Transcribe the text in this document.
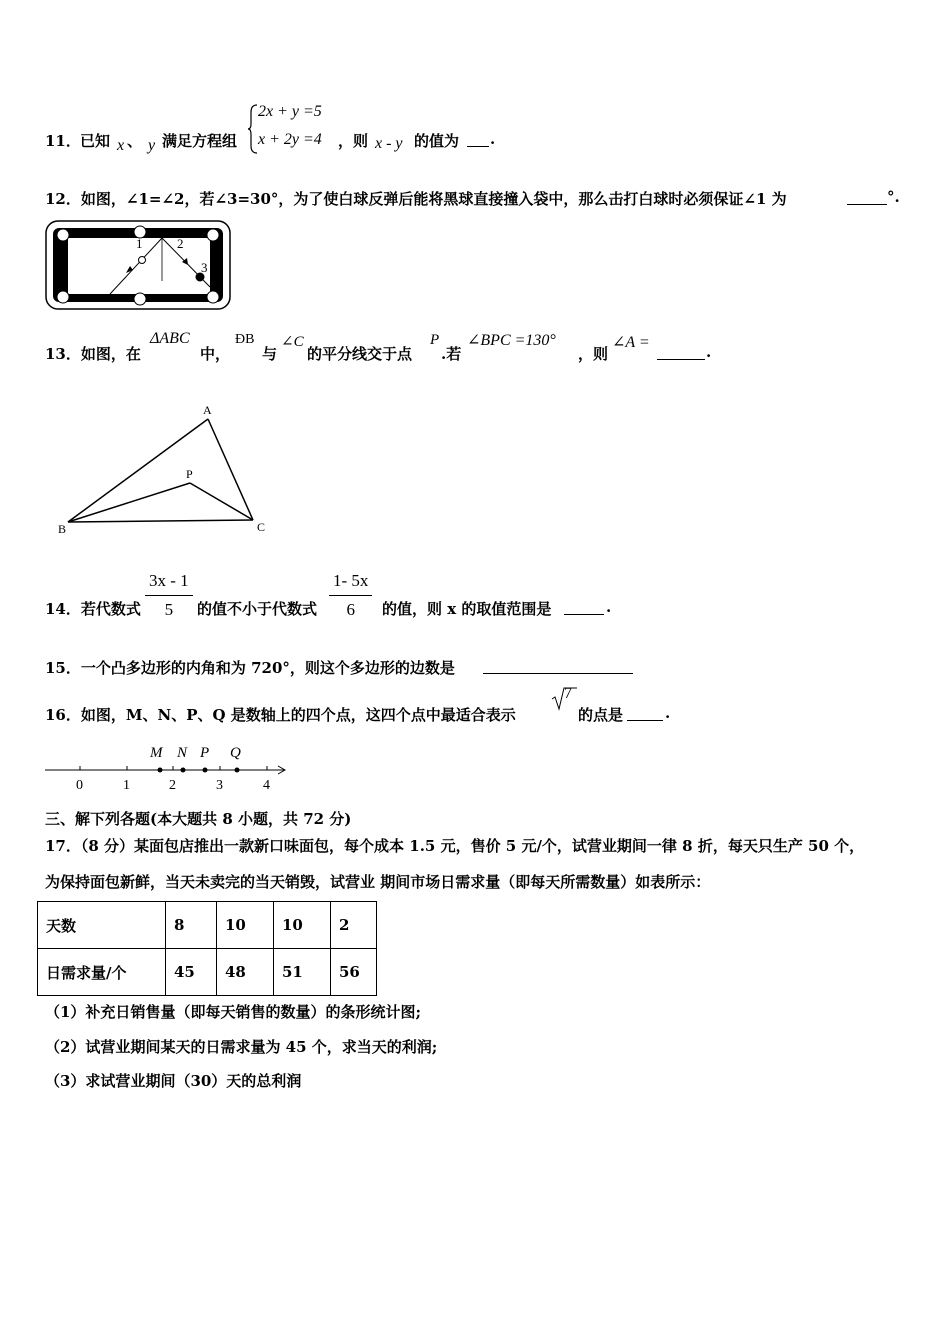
11． 已知 x 、 y 满足方程组
2x + y =5
x + 2y =4 ，则 x - y 的值为 .
12．如图，∠1=∠2，若∠3=30°，为了使白球反弹后能将黑球直接撞入袋中，那么击打白球时必须保证∠1 为	°.
1	2
3
13．如图，在
ΔABC
中，
ÐB
与
∠C
的平分线交于点
P
.若
∠BPC =130°
，则
∠A =
.
A
B	C
P
14．若代数式 $\frac{3x - 1}{5}$ 的值不小于代数式 $\frac{1- 5x}{6}$ 的值，则 x 的取值范围是	.
15．一个凸多边形的内角和为 720°，则这个多边形的边数是
16．如图，M、N、P、Q 是数轴上的四个点，这四个点中最适合表示
7
的点是	.
0	1	2	3	4
M N P Q
三、解下列各题(本大题共 8 小题，共 72 分)
17．（8 分）某面包店推出一款新口味面包，每个成本 1.5 元，售价 5 元/个，试营业期间一律 8 折，每天只生产 50 个，
为保持面包新鲜，当天未卖完的当天销毁，试营业 期间市场日需求量（即每天所需数量）如表所示：
天数	8	10	10	2
日需求量/个	45	48	51	56
（1）补充日销售量（即每天销售的数量）的条形统计图;
（2）试营业期间某天的日需求量为 45 个，求当天的利润;
（3）求试营业期间（30）天的总利润
